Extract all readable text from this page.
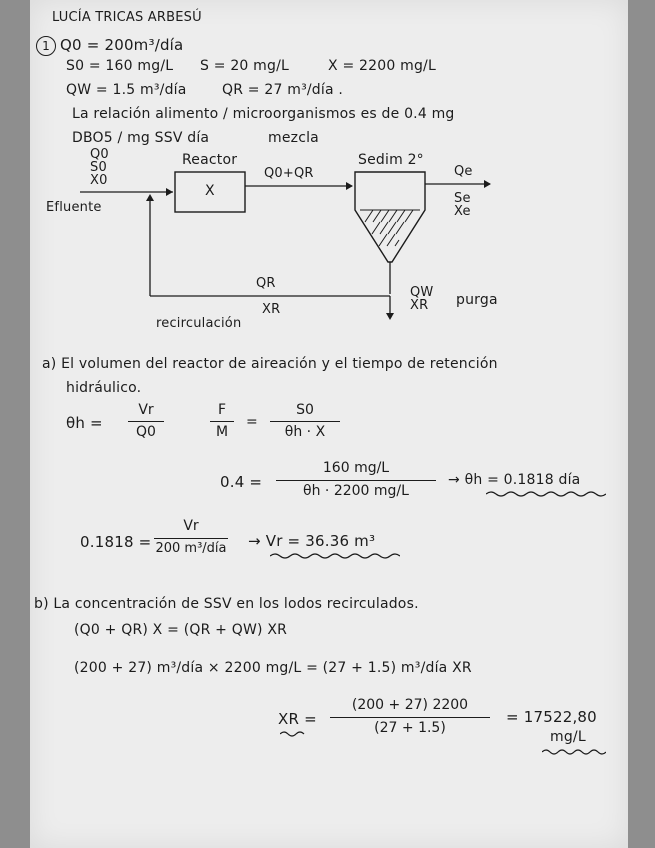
LUCÍA TRICAS ARBESÚ
1 Q0 = 200m³/día
S0 = 160 mg/L S = 20 mg/L	X = 2200 mg/L
QW = 1.5 m³/día	QR = 27 m³/día .
La relación alimento / microorganismos es de 0.4 mg
DBO5 / mg SSV día	mezcla
Q0
S0
X0
Efluente
Reactor
X
Q0+QR
Sedim 2°
Qe
Se
Xe
QR
XR
recirculación
QW
XR purga
a) El volumen del reactor de aireación y el tiempo de retención
hidráulico.
θh =
Vr
Q0
F
M
=
S0
θh · X
0.4 =
160 mg/L
θh · 2200 mg/L
→ θh = 0.1818 día
0.1818 =
Vr
200 m³/día	→ Vr = 36.36 m³
b) La concentración de SSV en los lodos recirculados.
(Q0 + QR) X = (QR + QW) XR
(200 + 27) m³/día × 2200 mg/L = (27 + 1.5) m³/día XR
XR =
(200 + 27) 2200
(27 + 1.5)
= 17522,80
mg/L
